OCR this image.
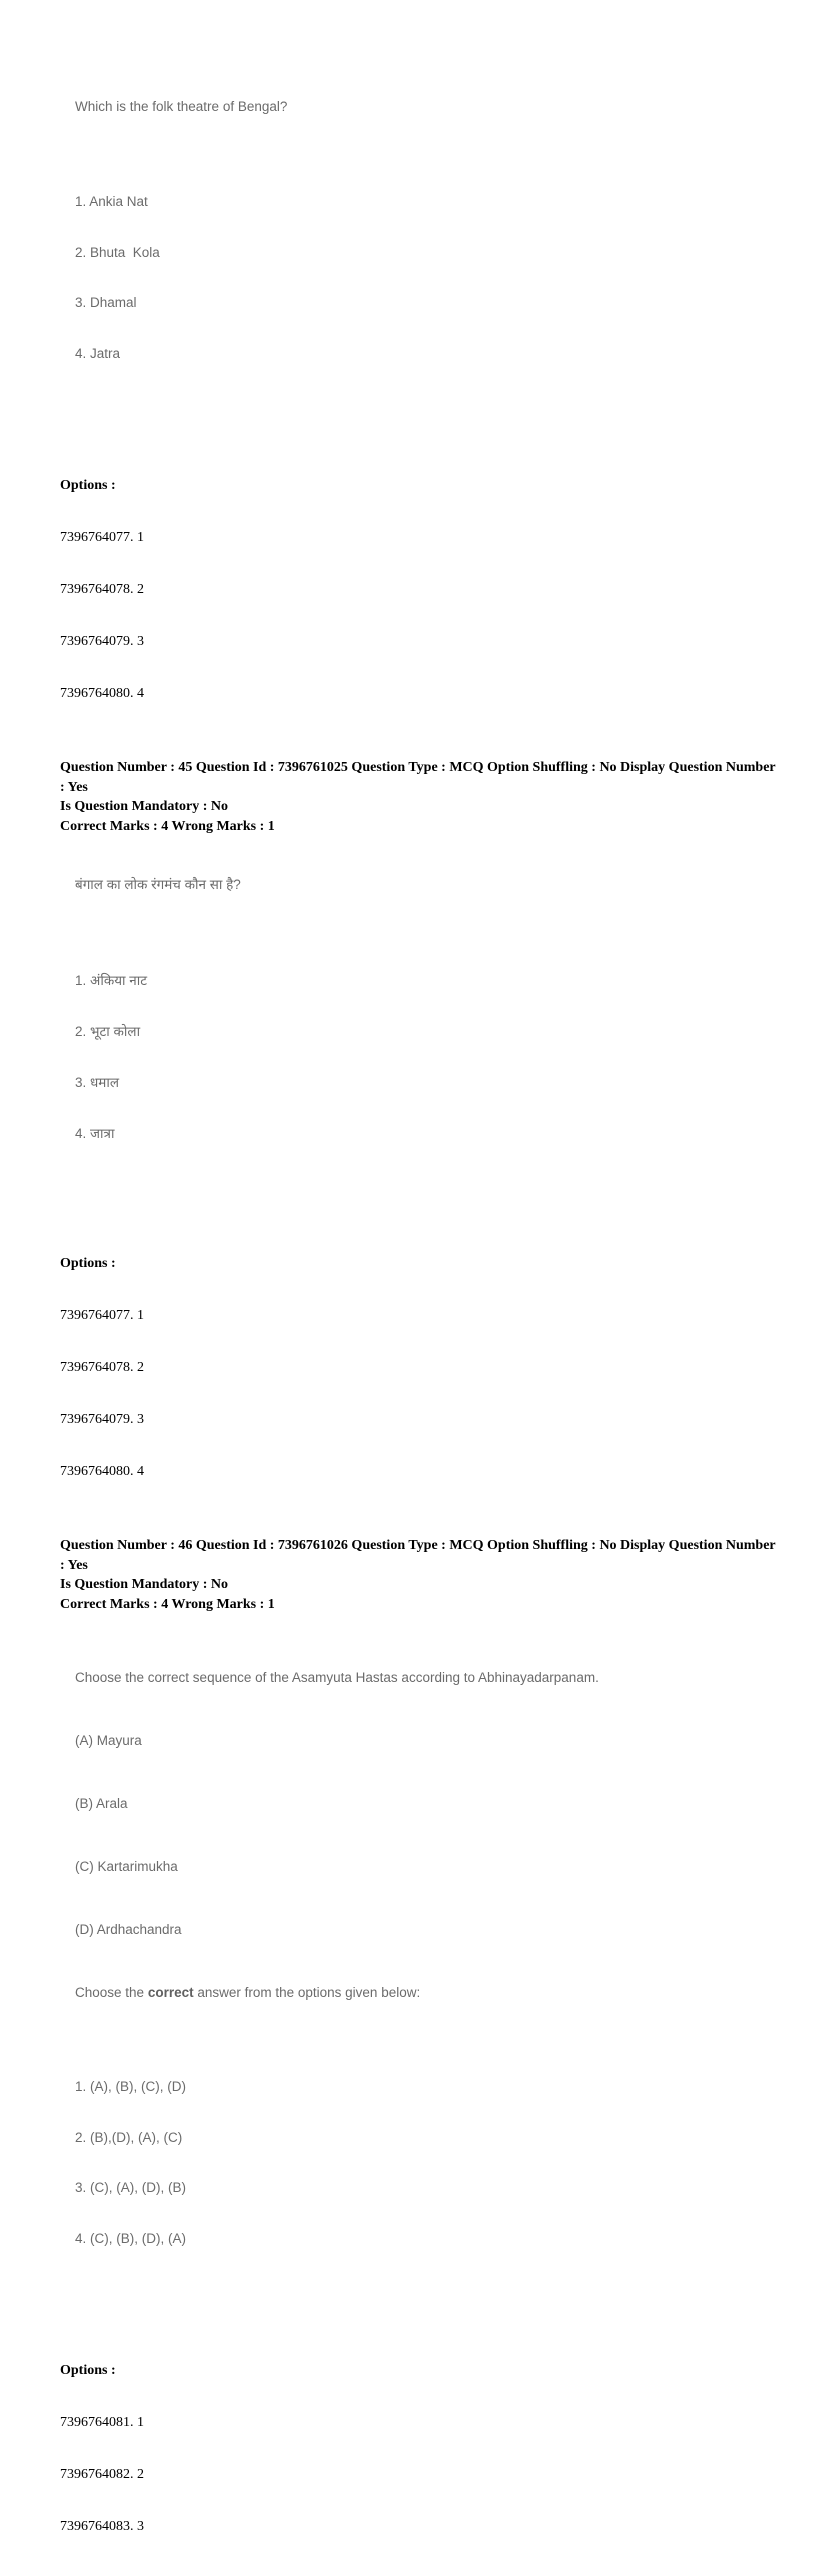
Which is the folk theatre of Bengal?

1. Ankia Nat

2. Bhuta  Kola

3. Dhamal

4. Jatra

Options :

7396764077. 1

7396764078. 2

7396764079. 3

7396764080. 4

Question Number : 45 Question Id : 7396761025 Question Type : MCQ Option Shuffling : No Display Question Number : Yes
Is Question Mandatory : No
Correct Marks : 4 Wrong Marks : 1

बंगाल का लोक रंगमंच कौन सा है?

1. अंकिया नाट

2. भूटा कोला

3. धमाल

4. जात्रा

Options :

7396764077. 1

7396764078. 2

7396764079. 3

7396764080. 4

Question Number : 46 Question Id : 7396761026 Question Type : MCQ Option Shuffling : No Display Question Number : Yes
Is Question Mandatory : No
Correct Marks : 4 Wrong Marks : 1

Choose the correct sequence of the Asamyuta Hastas according to Abhinayadarpanam.

(A) Mayura

(B) Arala

(C) Kartarimukha

(D) Ardhachandra

Choose the correct answer from the options given below:

1. (A), (B), (C), (D)

2. (B),(D), (A), (C)

3. (C), (A), (D), (B)

4. (C), (B), (D), (A)

Options :

7396764081. 1

7396764082. 2

7396764083. 3
